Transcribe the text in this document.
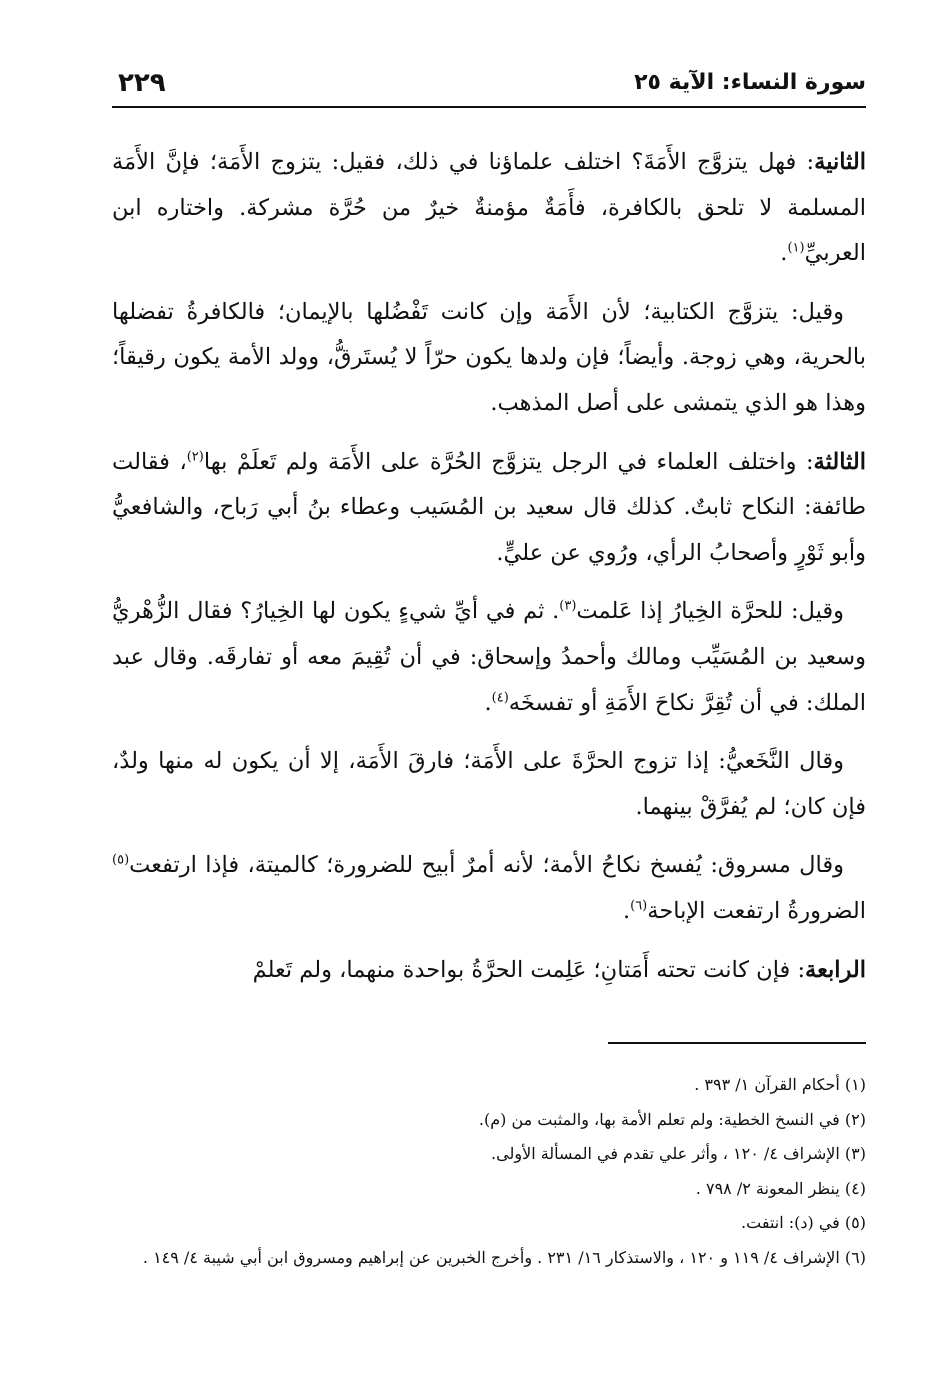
سورة النساء: الآية ٢٥
٢٢٩

الثانية: فهل يتزوَّج الأَمَةَ؟ اختلف علماؤنا في ذلك، فقيل: يتزوج الأَمَة؛ فإنَّ الأَمَة المسلمة لا تلحق بالكافرة، فأَمَةٌ مؤمنةٌ خيرٌ من حُرَّة مشركة. واختاره ابن العربيِّ$^{(١)}$.

وقيل: يتزوَّج الكتابية؛ لأن الأَمَة وإن كانت تَفْضُلها بالإيمان؛ فالكافرةُ تفضلها بالحرية، وهي زوجة. وأيضاً؛ فإن ولدها يكون حرّاً لا يُستَرقُّ، وولد الأمة يكون رقيقاً؛ وهذا هو الذي يتمشى على أصل المذهب.

الثالثة: واختلف العلماء في الرجل يتزوَّج الحُرَّة على الأَمَة ولم تَعلَمْ بها$^{(٢)}$، فقالت طائفة: النكاح ثابتٌ. كذلك قال سعيد بن المُسَيب وعطاء بنُ أبي رَباح، والشافعيُّ وأبو ثَوْرٍ وأصحابُ الرأي، ورُوي عن عليٍّ.

وقيل: للحرَّة الخِيارُ إذا عَلمت$^{(٣)}$. ثم في أيِّ شيءٍ يكون لها الخِيارُ؟ فقال الزُّهْريُّ وسعيد بن المُسَيِّب ومالك وأحمدُ وإسحاق: في أن تُقِيمَ معه أو تفارقَه. وقال عبد الملك: في أن تُقِرَّ نكاحَ الأَمَةِ أو تفسخَه$^{(٤)}$.

وقال النَّخَعيُّ: إذا تزوج الحرَّةَ على الأَمَة؛ فارقَ الأَمَة، إلا أن يكون له منها ولدٌ، فإن كان؛ لم يُفرَّقْ بينهما.

وقال مسروق: يُفسخ نكاحُ الأمة؛ لأنه أمرٌ أبيح للضرورة؛ كالميتة، فإذا ارتفعت$^{(٥)}$ الضرورةُ ارتفعت الإباحة$^{(٦)}$.

الرابعة: فإن كانت تحته أَمَتانِ؛ عَلِمت الحرَّةُ بواحدة منهما، ولم تَعلمْ

(١) أحكام القرآن ١/ ٣٩٣ .

(٢) في النسخ الخطية: ولم تعلم الأمة بها، والمثبت من (م).

(٣) الإشراف ٤/ ١٢٠ ، وأثر علي تقدم في المسألة الأولى.

(٤) ينظر المعونة ٢/ ٧٩٨ .

(٥) في (د): انتفت.

(٦) الإشراف ٤/ ١١٩ و ١٢٠ ، والاستذكار ١٦/ ٢٣١ . وأخرج الخبرين عن إبراهيم ومسروق ابن أبي شيبة ٤/ ١٤٩ .
